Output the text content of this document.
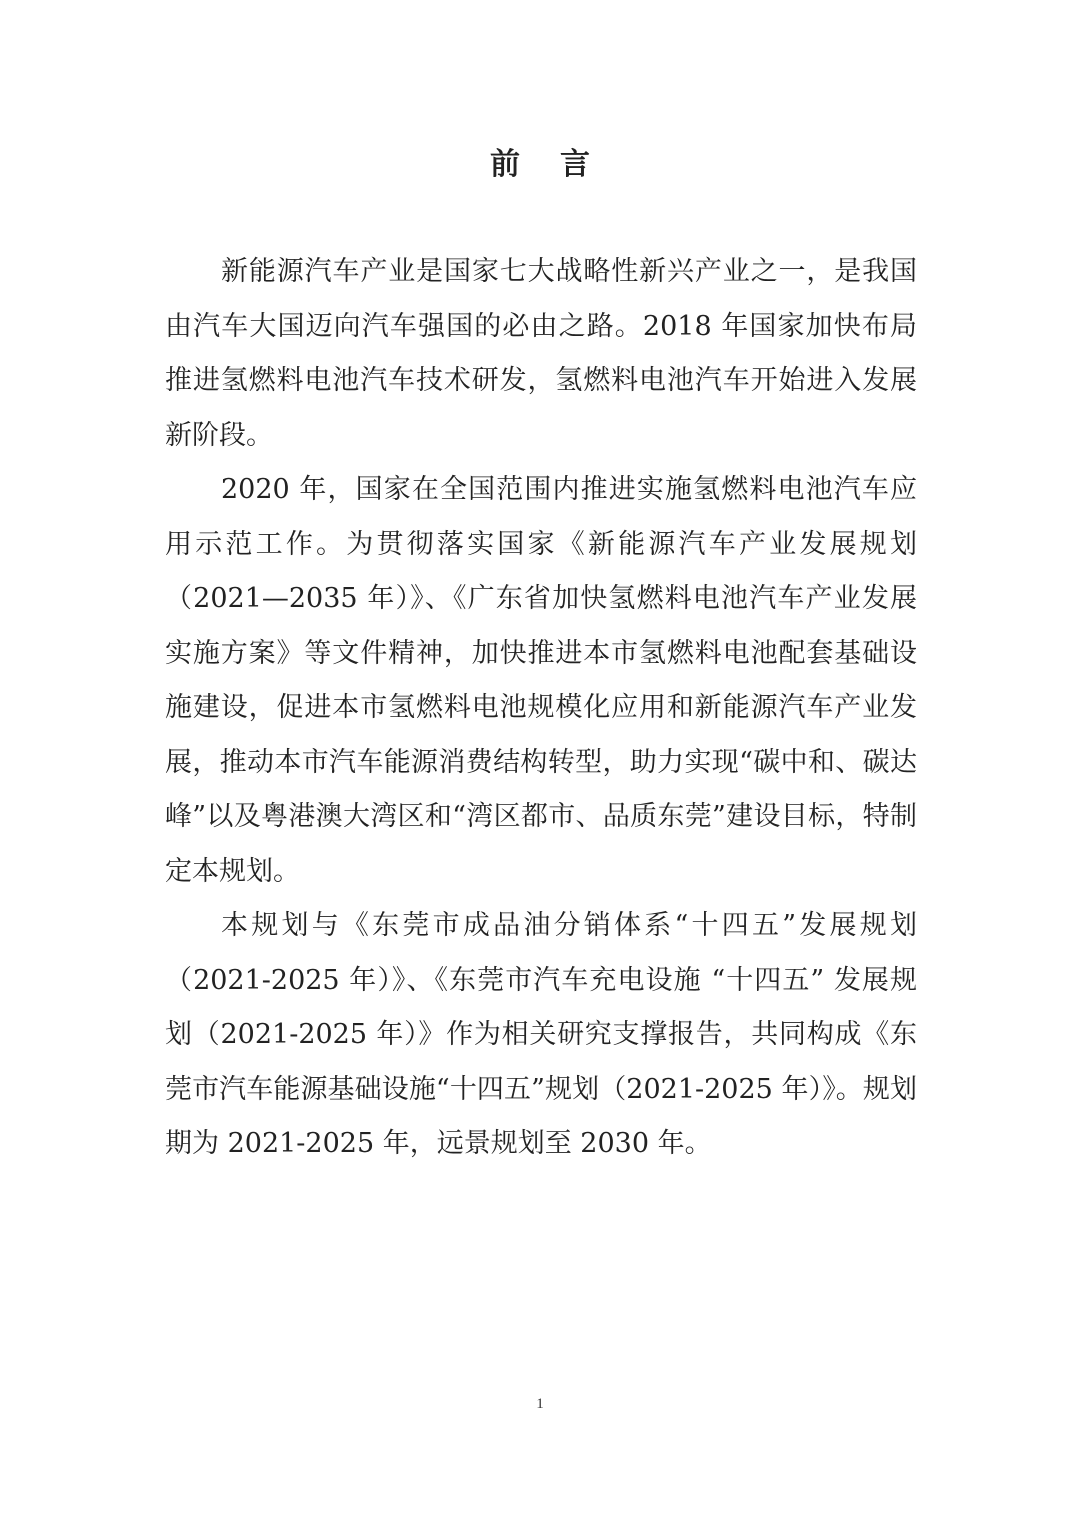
前言

新能源汽车产业是国家七大战略性新兴产业之一，是我国由汽车大国迈向汽车强国的必由之路。2018 年国家加快布局推进氢燃料电池汽车技术研发，氢燃料电池汽车开始进入发展新阶段。

2020 年，国家在全国范围内推进实施氢燃料电池汽车应用示范工作。为贯彻落实国家《新能源汽车产业发展规划（2021—2035 年）》、《广东省加快氢燃料电池汽车产业发展实施方案》等文件精神，加快推进本市氢燃料电池配套基础设施建设，促进本市氢燃料电池规模化应用和新能源汽车产业发展，推动本市汽车能源消费结构转型，助力实现“碳中和、碳达峰”以及粤港澳大湾区和“湾区都市、品质东莞”建设目标，特制定本规划。

本规划与《东莞市成品油分销体系“十四五”发展规划（2021-2025 年）》、《东莞市汽车充电设施 “十四五” 发展规划（2021-2025 年）》作为相关研究支撑报告，共同构成《东莞市汽车能源基础设施“十四五”规划（2021-2025 年）》。规划期为 2021-2025 年，远景规划至 2030 年。

1
